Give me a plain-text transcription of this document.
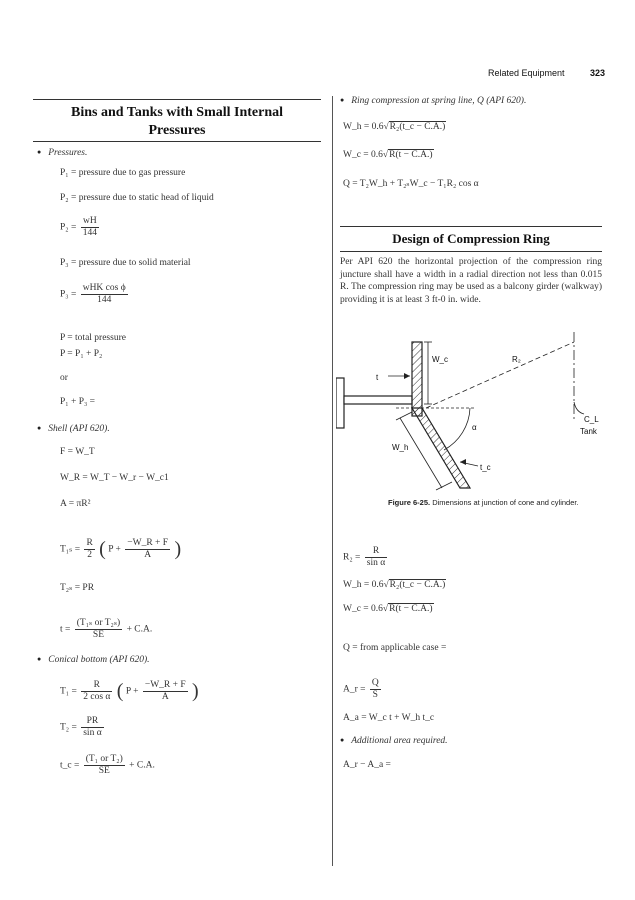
Related Equipment	323
Bins and Tanks with Small Internal
Pressures
● Pressures.
P₁ = pressure due to gas pressure
P₂ = pressure due to static head of liquid
$P_2 = \frac{wH}{144}$
P₃ = pressure due to solid material
$P_3 = \frac{\text{wHK cos ϕ}}{144}$
P = total pressure
P = P₁ + P₂
or
P₁ + P₃ =
● Shell (API 620).
F = W_T
W_R = W_T − W_r − W_c1
A = πR²
$T_{1s} = \frac{R}{2}$ ( $P + \frac{-W\_R + F}{A}$ )
T₂ₛ = PR
$t = \frac{\text{(T₁ₛ or T₂ₛ)}}{SE} + C.A$.
● Conical bottom (API 620).
$T_1 = \frac{R}{\text{2 cos α}}$ ( $P + \frac{-W\_R + F}{A}$ )
$T_2 = \frac{PR}{\text{sin α}}$
t_c = $\frac{\text{(T₁ or T₂)}}{SE} + C.A$.
● Ring compression at spring line, Q (API 620).
W_h = 0.6√R₂(t_c − C.A.)
W_c = 0.6√R(t − C.A.)
Q = T₂W_h + T₂ₛW_c − T₁R₂ cos α
Design of Compression Ring
Per API 620 the horizontal projection of the compression ring juncture shall have a width in a radial direction not less than 0.015 R. The compression ring may be used as a balcony girder (walkway) providing it is at least 3 ft-0 in. wide.
W_c
t
R₂
C_L
Tank
α
W_h
t_c
Figure 6-25. Dimensions at junction of cone and cylinder.
$R_2 = \frac{R}{\text{sin α}}$
W_h = 0.6√R₂(t_c − C.A.)
W_c = 0.6√R(t − C.A.)
Q = from applicable case =
A_r = $\frac{Q}{S}$
A_a = W_c t + W_h t_c
● Additional area required.
A_r − A_a =
